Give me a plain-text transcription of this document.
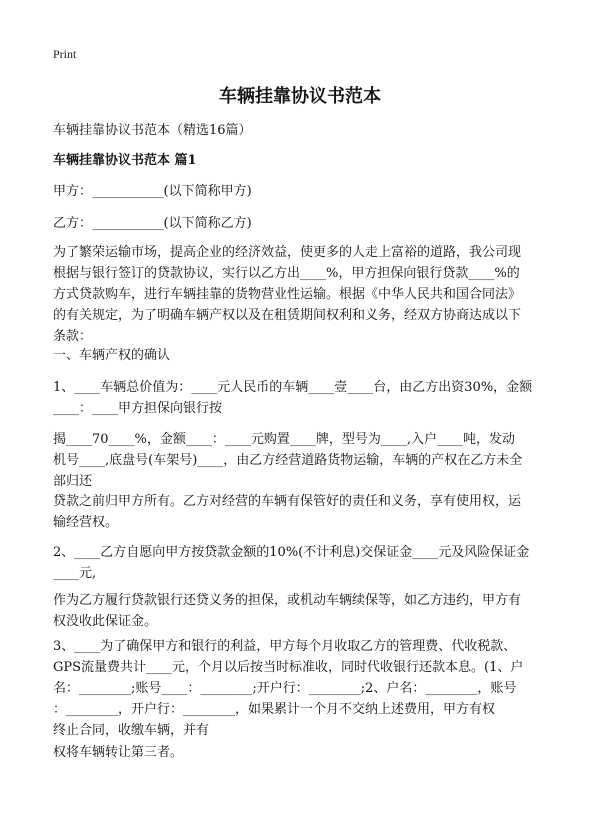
Print
车辆挂靠协议书范本
车辆挂靠协议书范本（精选16篇）
车辆挂靠协议书范本 篇1
甲方：___________(以下简称甲方)
乙方：___________(以下简称乙方)
为了繁荣运输市场，提高企业的经济效益，使更多的人走上富裕的道路，我公司现
根据与银行签订的贷款协议，实行以乙方出____%，甲方担保向银行贷款____%的
方式贷款购车，进行车辆挂靠的货物营业性运输。根据《中华人民共和国合同法》
的有关规定，为了明确车辆产权以及在租赁期间权利和义务，经双方协商达成以下
条款：
一、车辆产权的确认
1、____车辆总价值为：____元人民币的车辆____壹____台，由乙方出资30%，金额
____：____甲方担保向银行按
揭____70____%，金额____：____元购置____牌，型号为____,入户____吨，发动
机号____,底盘号(车架号)____，由乙方经营道路货物运输，车辆的产权在乙方未全
部归还
贷款之前归甲方所有。乙方对经营的车辆有保管好的责任和义务，享有使用权，运
输经营权。
2、____乙方自愿向甲方按贷款金额的10%(不计利息)交保证金____元及风险保证金
____元,
作为乙方履行贷款银行还贷义务的担保，或机动车辆续保等，如乙方违约，甲方有
权没收此保证金。
3、____为了确保甲方和银行的利益，甲方每个月收取乙方的管理费、代收税款、
GPS流量费共计____元，个月以后按当时标准收，同时代收银行还款本息。(1、户
名：________;账号____：________;开户行：________;2、户名：________，账号
：________，开户行：________，如果累计一个月不交纳上述费用，甲方有权
终止合同，收缴车辆，并有
权将车辆转让第三者。
